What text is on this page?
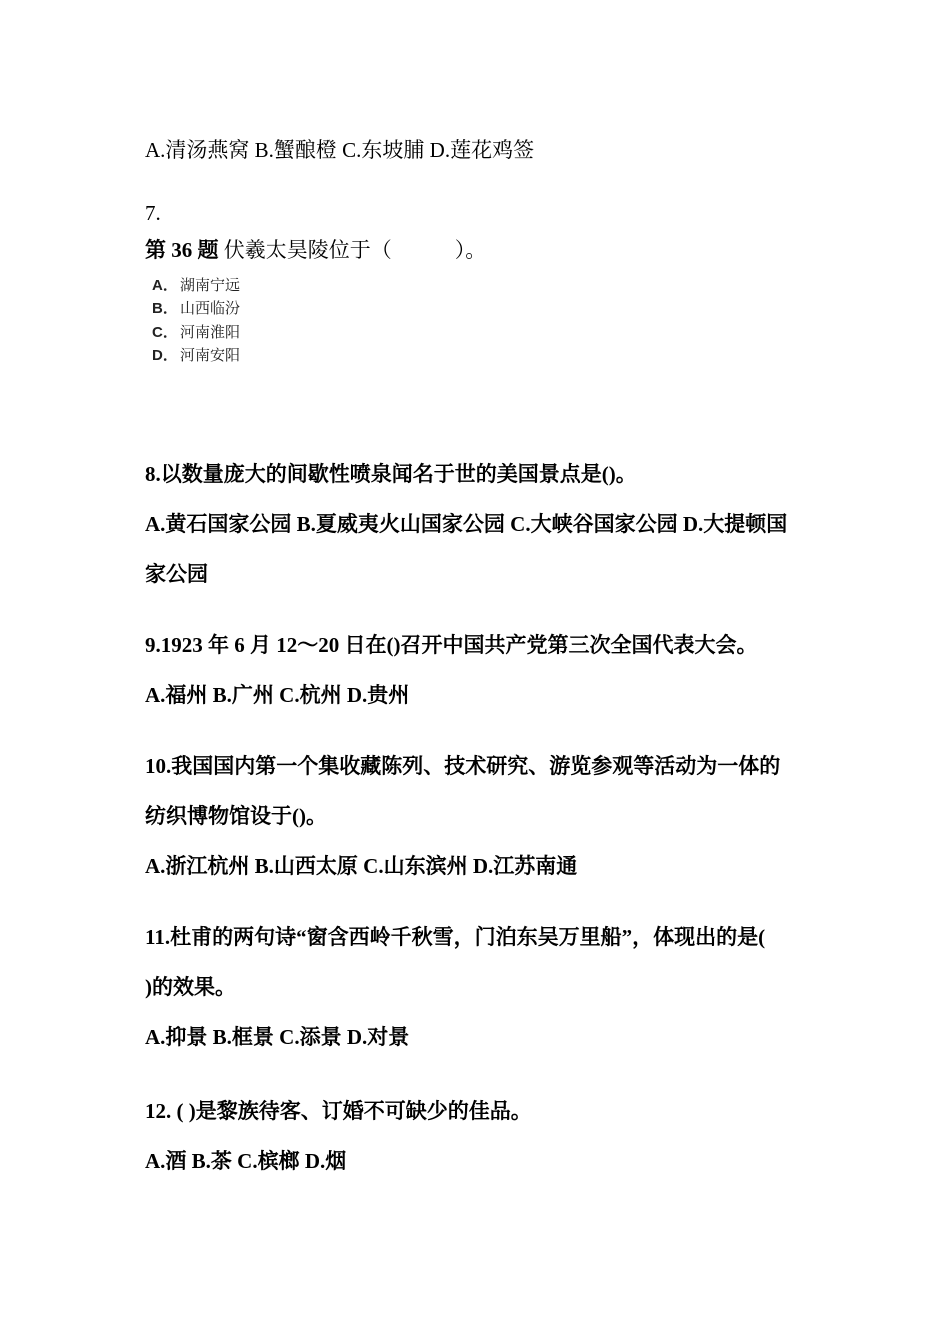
A.清汤燕窝 B.蟹酿橙 C.东坡脯 D.莲花鸡签
7.
第 36 题 伏羲太昊陵位于（　　　）。
A． 湖南宁远
B． 山西临汾
C． 河南淮阳
D． 河南安阳
8.以数量庞大的间歇性喷泉闻名于世的美国景点是()。
A.黄石国家公园 B.夏威夷火山国家公园 C.大峡谷国家公园 D.大提顿国
家公园
9.1923 年 6 月 12～20 日在()召开中国共产党第三次全国代表大会。
A.福州 B.广州 C.杭州 D.贵州
10.我国国内第一个集收藏陈列、技术研究、游览参观等活动为一体的
纺织博物馆设于()。
A.浙江杭州 B.山西太原 C.山东滨州 D.江苏南通
11.杜甫的两句诗“窗含西岭千秋雪，门泊东吴万里船”，体现出的是(
)的效果。
A.抑景 B.框景 C.添景 D.对景
12. ( )是黎族待客、订婚不可缺少的佳品。
A.酒 B.茶 C.槟榔 D.烟
